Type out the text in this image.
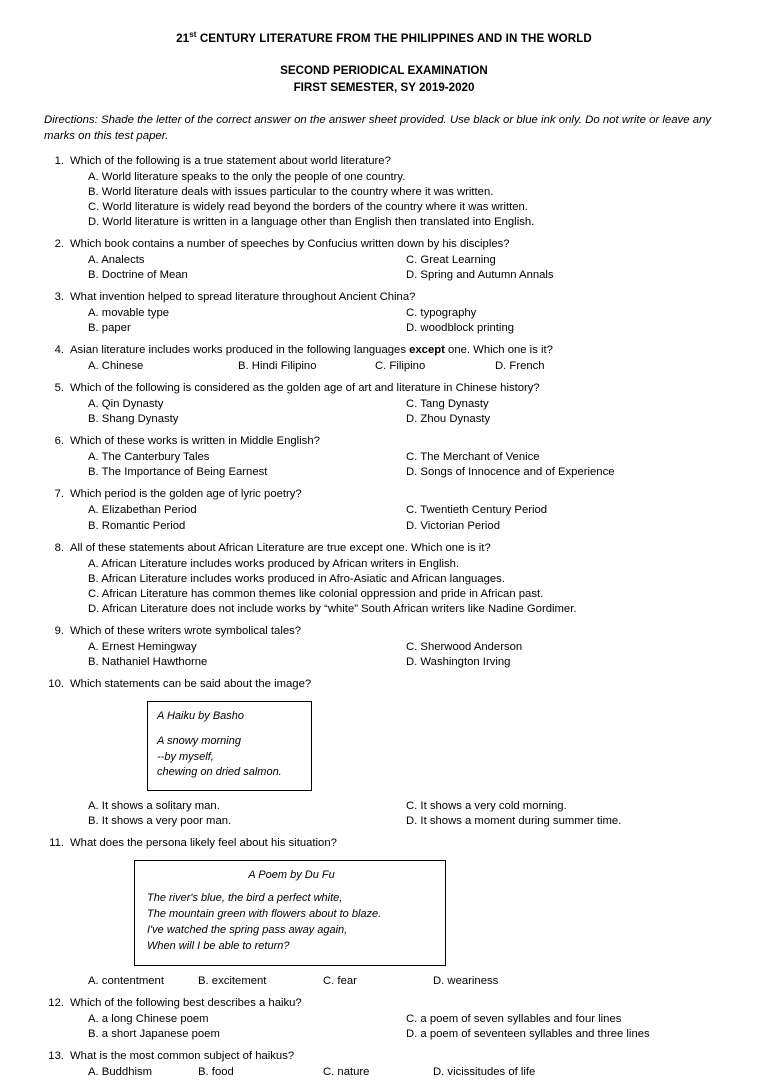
21st CENTURY LITERATURE FROM THE PHILIPPINES AND IN THE WORLD
SECOND PERIODICAL EXAMINATION
FIRST SEMESTER, SY 2019-2020
Directions: Shade the letter of the correct answer on the answer sheet provided. Use black or blue ink only. Do not write or leave any marks on this test paper.
1. Which of the following is a true statement about world literature?
A. World literature speaks to the only the people of one country.
B. World literature deals with issues particular to the country where it was written.
C. World literature is widely read beyond the borders of the country where it was written.
D. World literature is written in a language other than English then translated into English.
2. Which book contains a number of speeches by Confucius written down by his disciples?
A. Analects	C. Great Learning
B. Doctrine of Mean	D. Spring and Autumn Annals
3. What invention helped to spread literature throughout Ancient China?
A. movable type	C. typography
B. paper	D. woodblock printing
4. Asian literature includes works produced in the following languages except one. Which one is it?
A. Chinese	B. Hindi Filipino	C. Filipino	D. French
5. Which of the following is considered as the golden age of art and literature in Chinese history?
A. Qin Dynasty	C. Tang Dynasty
B. Shang Dynasty	D. Zhou Dynasty
6. Which of these works is written in Middle English?
A. The Canterbury Tales	C. The Merchant of Venice
B. The Importance of Being Earnest	D. Songs of Innocence and of Experience
7. Which period is the golden age of lyric poetry?
A. Elizabethan Period	C. Twentieth Century Period
B. Romantic Period	D. Victorian Period
8. All of these statements about African Literature are true except one. Which one is it?
A. African Literature includes works produced by African writers in English.
B. African Literature includes works produced in Afro-Asiatic and African languages.
C. African Literature has common themes like colonial oppression and pride in African past.
D. African Literature does not include works by “white” South African writers like Nadine Gordimer.
9. Which of these writers wrote symbolical tales?
A. Ernest Hemingway	C. Sherwood Anderson
B. Nathaniel Hawthorne	D. Washington Irving
10. Which statements can be said about the image?
A Haiku by Basho
A snowy morning
--by myself,
chewing on dried salmon.
A. It shows a solitary man.	C. It shows a very cold morning.
B. It shows a very poor man.	D. It shows a moment during summer time.
11. What does the persona likely feel about his situation?
A Poem by Du Fu
The river's blue, the bird a perfect white,
The mountain green with flowers about to blaze.
I've watched the spring pass away again,
When will I be able to return?
A. contentment	B. excitement	C. fear	D. weariness
12. Which of the following best describes a haiku?
A. a long Chinese poem	C. a poem of seven syllables and four lines
B. a short Japanese poem	D. a poem of seventeen syllables and three lines
13. What is the most common subject of haikus?
A. Buddhism	B. food	C. nature	D. vicissitudes of life
